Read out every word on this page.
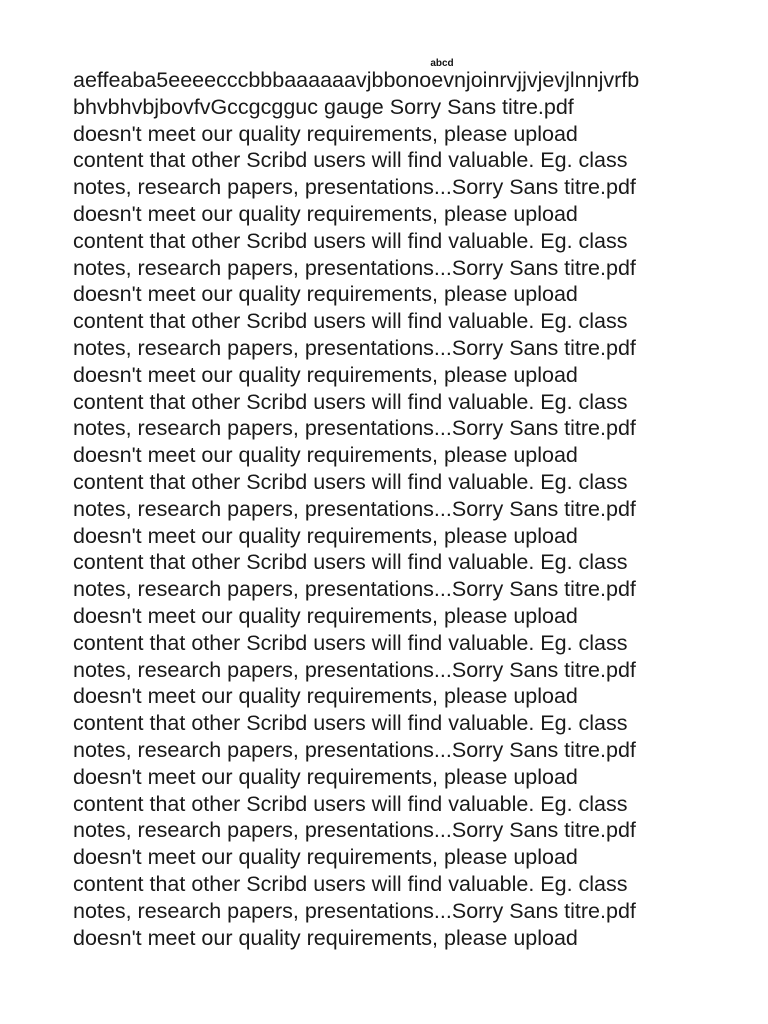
abcd
aeffeaba5eeeecccbbbaaaaaavjbbonoevnjoinrvjjvjevjlnnjvrfb
bhvbhvbjbovfvGccgcgguc gauge Sorry Sans titre.pdf
doesn't meet our quality requirements, please upload
content that other Scribd users will find valuable. Eg. class
notes, research papers, presentations...Sorry Sans titre.pdf
doesn't meet our quality requirements, please upload
content that other Scribd users will find valuable. Eg. class
notes, research papers, presentations...Sorry Sans titre.pdf
doesn't meet our quality requirements, please upload
content that other Scribd users will find valuable. Eg. class
notes, research papers, presentations...Sorry Sans titre.pdf
doesn't meet our quality requirements, please upload
content that other Scribd users will find valuable. Eg. class
notes, research papers, presentations...Sorry Sans titre.pdf
doesn't meet our quality requirements, please upload
content that other Scribd users will find valuable. Eg. class
notes, research papers, presentations...Sorry Sans titre.pdf
doesn't meet our quality requirements, please upload
content that other Scribd users will find valuable. Eg. class
notes, research papers, presentations...Sorry Sans titre.pdf
doesn't meet our quality requirements, please upload
content that other Scribd users will find valuable. Eg. class
notes, research papers, presentations...Sorry Sans titre.pdf
doesn't meet our quality requirements, please upload
content that other Scribd users will find valuable. Eg. class
notes, research papers, presentations...Sorry Sans titre.pdf
doesn't meet our quality requirements, please upload
content that other Scribd users will find valuable. Eg. class
notes, research papers, presentations...Sorry Sans titre.pdf
doesn't meet our quality requirements, please upload
content that other Scribd users will find valuable. Eg. class
notes, research papers, presentations...Sorry Sans titre.pdf
doesn't meet our quality requirements, please upload
